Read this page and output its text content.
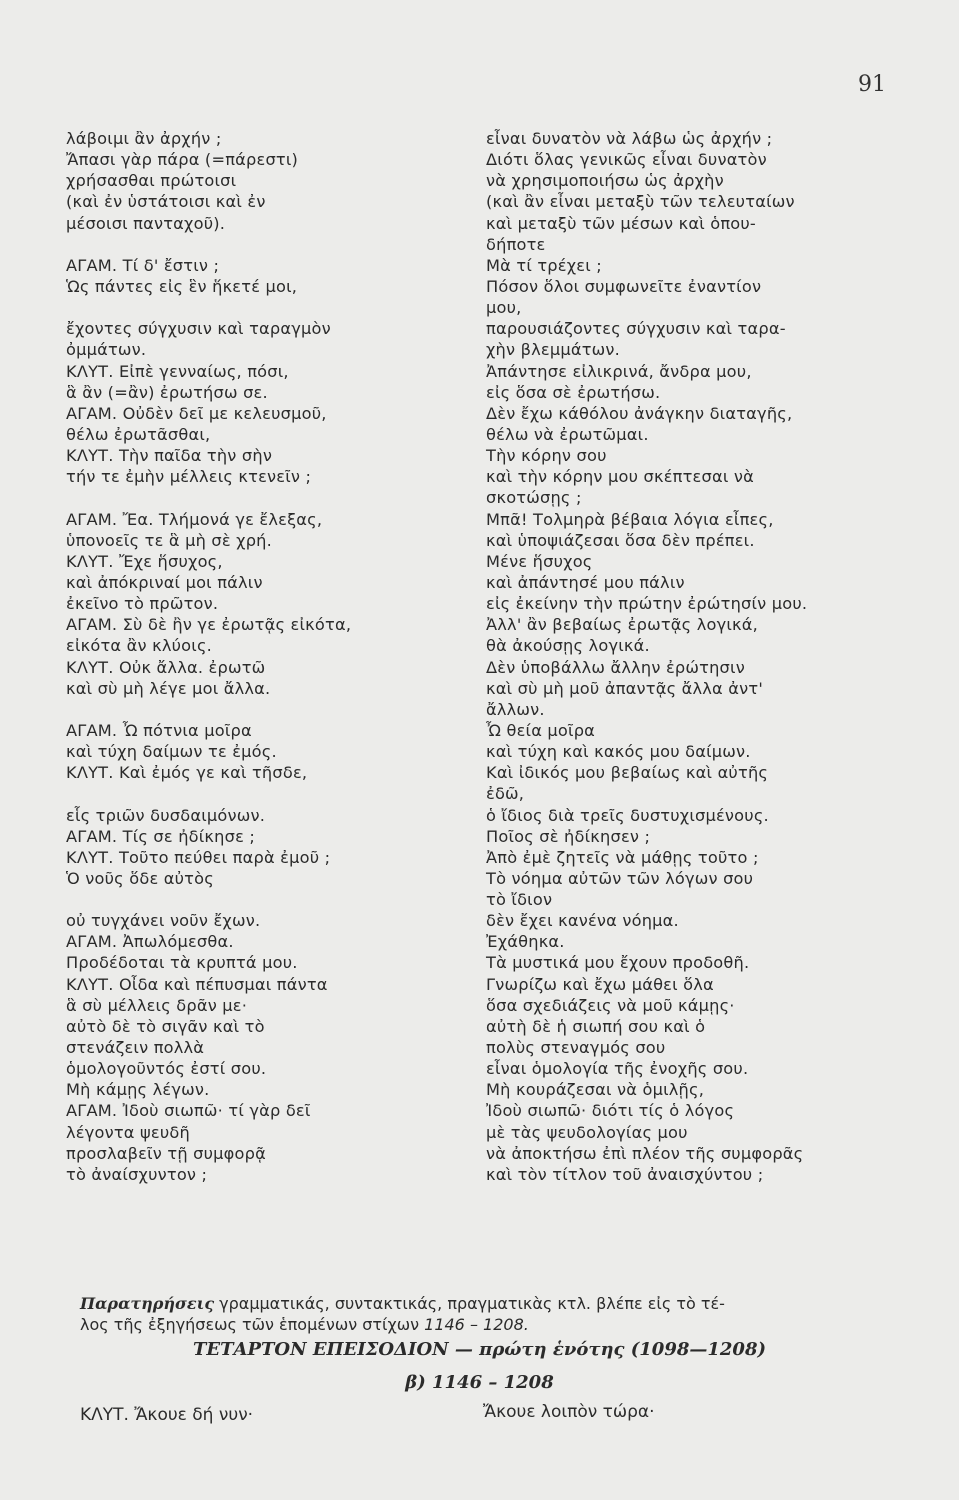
91
λάβοιμι ἂν ἀρχήν ;
Ἄπασι γὰρ πάρα (=πάρεστι)
χρήσασθαι πρώτοισι
(καὶ ἐν ὑστάτοισι καὶ ἐν
μέσοισι πανταχοῦ).
ΑΓΑΜ. Τί δ' ἔστιν ;
Ὡς πάντες εἰς ἓν ἥκετέ μοι,
ἔχοντες σύγχυσιν καὶ ταραγμὸν
ὀμμάτων.
ΚΛΥΤ. Εἰπὲ γενναίως, πόσι,
ἃ ἂν (=ἂν) ἐρωτήσω σε.
ΑΓΑΜ. Οὐδὲν δεῖ με κελευσμοῦ,
θέλω ἐρωτᾶσθαι,
ΚΛΥΤ. Τὴν παῖδα τὴν σὴν
τήν τε ἐμὴν μέλλεις κτενεῖν ;
ΑΓΑΜ. Ἔα. Τλήμονά γε ἔλεξας,
ὑπονοεῖς τε ἃ μὴ σὲ χρή.
ΚΛΥΤ. Ἔχε ἥσυχος,
καὶ ἀπόκριναί μοι πάλιν
ἐκεῖνο τὸ πρῶτον.
ΑΓΑΜ. Σὺ δὲ ἢν γε ἐρωτᾷς εἰκότα,
εἰκότα ἂν κλύοις.
ΚΛΥΤ. Οὐκ ἄλλα. ἐρωτῶ
καὶ σὺ μὴ λέγε μοι ἄλλα.
ΑΓΑΜ. Ὦ πότνια μοῖρα
καὶ τύχη δαίμων τε ἐμός.
ΚΛΥΤ. Καὶ ἐμός γε καὶ τῆσδε,
εἷς τριῶν δυσδαιμόνων.
ΑΓΑΜ. Τίς σε ἠδίκησε ;
ΚΛΥΤ. Τοῦτο πεύθει παρὰ ἐμοῦ ;
Ὁ νοῦς ὅδε αὐτὸς
οὐ τυγχάνει νοῦν ἔχων.
ΑΓΑΜ. Ἀπωλόμεσθα.
Προδέδοται τὰ κρυπτά μου.
ΚΛΥΤ. Οἶδα καὶ πέπυσμαι πάντα
ἃ σὺ μέλλεις δρᾶν με·
αὐτὸ δὲ τὸ σιγᾶν καὶ τὸ
στενάζειν πολλὰ
ὁμολογοῦντός ἐστί σου.
Μὴ κάμῃς λέγων.
ΑΓΑΜ. Ἰδοὺ σιωπῶ· τί γὰρ δεῖ
λέγοντα ψευδῆ
προσλαβεῖν τῇ συμφορᾷ
τὸ ἀναίσχυντον ;
εἶναι δυνατὸν νὰ λάβω ὡς ἀρχήν ;
Διότι ὅλας γενικῶς εἶναι δυνατὸν
νὰ χρησιμοποιήσω ὡς ἀρχὴν
(καὶ ἂν εἶναι μεταξὺ τῶν τελευταίων
καὶ μεταξὺ τῶν μέσων καὶ ὁπου-
δήποτε
Μὰ τί τρέχει ;
Πόσον ὅλοι συμφωνεῖτε ἐναντίον
μου,
παρουσιάζοντες σύγχυσιν καὶ ταρα-
χὴν βλεμμάτων.
Ἀπάντησε εἰλικρινά, ἄνδρα μου,
εἰς ὅσα σὲ ἐρωτήσω.
Δὲν ἔχω κάθόλου ἀνάγκην διαταγῆς,
θέλω νὰ ἐρωτῶμαι.
Τὴν κόρην σου
καὶ τὴν κόρην μου σκέπτεσαι νὰ
σκοτώσῃς ;
Μπᾶ! Τολμηρὰ βέβαια λόγια εἶπες,
καὶ ὑποψιάζεσαι ὅσα δὲν πρέπει.
Μένε ἥσυχος
καὶ ἀπάντησέ μου πάλιν
εἰς ἐκείνην τὴν πρώτην ἐρώτησίν μου.
Ἀλλ' ἂν βεβαίως ἐρωτᾷς λογικά,
θὰ ἀκούσῃς λογικά.
Δὲν ὑποβάλλω ἄλλην ἐρώτησιν
καὶ σὺ μὴ μοῦ ἀπαντᾷς ἄλλα ἀντ'
ἄλλων.
Ὦ θεία μοῖρα
καὶ τύχη καὶ κακός μου δαίμων.
Καὶ ἰδικός μου βεβαίως καὶ αὐτῆς
ἐδῶ,
ὁ ἴδιος διὰ τρεῖς δυστυχισμένους.
Ποῖος σὲ ἠδίκησεν ;
Ἀπὸ ἐμὲ ζητεῖς νὰ μάθῃς τοῦτο ;
Τὸ νόημα αὐτῶν τῶν λόγων σου
τὸ ἴδιον
δὲν ἔχει κανένα νόημα.
Ἐχάθηκα.
Τὰ μυστικά μου ἔχουν προδοθῆ.
Γνωρίζω καὶ ἔχω μάθει ὅλα
ὅσα σχεδιάζεις νὰ μοῦ κάμῃς·
αὐτὴ δὲ ἡ σιωπή σου καὶ ὁ
πολὺς στεναγμός σου
εἶναι ὁμολογία τῆς ἐνοχῆς σου.
Μὴ κουράζεσαι νὰ ὁμιλῇς,
Ἰδοὺ σιωπῶ· διότι τίς ὁ λόγος
μὲ τὰς ψευδολογίας μου
νὰ ἀποκτήσω ἐπὶ πλέον τῆς συμφορᾶς
καὶ τὸν τίτλον τοῦ ἀναισχύντου ;
Παρατηρήσεις γραμματικάς, συντακτικάς, πραγματικὰς κτλ. βλέπε εἰς τὸ τέ-
λος τῆς ἐξηγήσεως τῶν ἑπομένων στίχων 1146 – 1208.
ΤΕΤΑΡΤΟΝ ΕΠΕΙΣΟΔΙΟΝ — πρώτη ἑνότης (1098—1208)
β) 1146 – 1208
ΚΛΥΤ. Ἄκουε δή νυν·	Ἄκουε λοιπὸν τώρα·
